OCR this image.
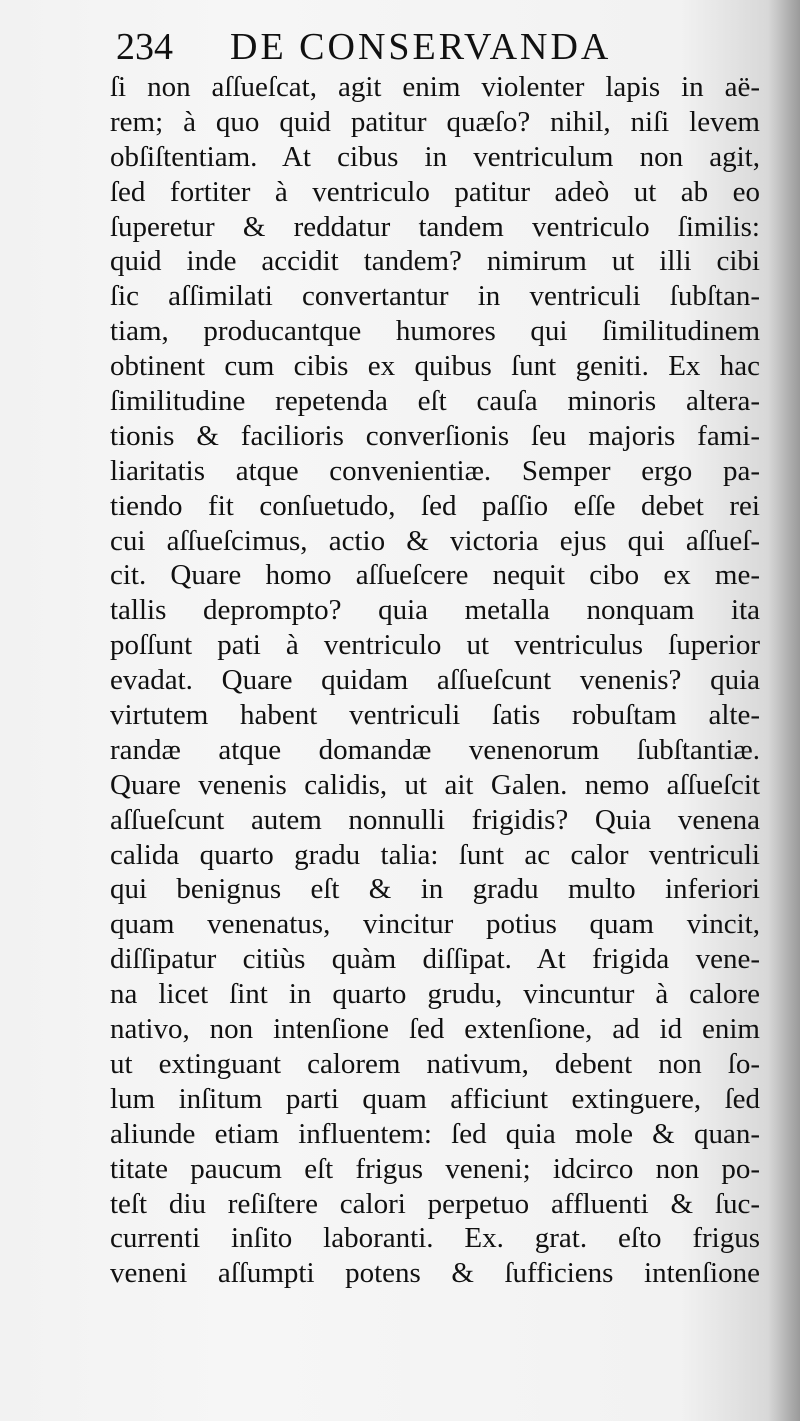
234 DE CONSERVANDA
ſi non aſſueſcat, agit enim violenter lapis in aë-
rem; à quo quid patitur quæſo? nihil, niſi levem
obſiſtentiam. At cibus in ventriculum non agit,
ſed fortiter à ventriculo patitur adeò ut ab eo
ſuperetur & reddatur tandem ventriculo ſimilis:
quid inde accidit tandem? nimirum ut illi cibi
ſic aſſimilati convertantur in ventriculi ſubſtan-
tiam, producantque humores qui ſimilitudinem
obtinent cum cibis ex quibus ſunt geniti. Ex hac
ſimilitudine repetenda eſt cauſa minoris altera-
tionis & facilioris converſionis ſeu majoris fami-
liaritatis atque convenientiæ. Semper ergo pa-
tiendo fit conſuetudo, ſed paſſio eſſe debet rei
cui aſſueſcimus, actio & victoria ejus qui aſſueſ-
cit. Quare homo aſſueſcere nequit cibo ex me-
tallis deprompto? quia metalla nonquam ita
poſſunt pati à ventriculo ut ventriculus ſuperior
evadat. Quare quidam aſſueſcunt venenis? quia
virtutem habent ventriculi ſatis robuſtam alte-
randæ atque domandæ venenorum ſubſtantiæ.
Quare venenis calidis, ut ait Galen. nemo aſſueſcit
aſſueſcunt autem nonnulli frigidis? Quia venena
calida quarto gradu talia: ſunt ac calor ventriculi
qui benignus eſt & in gradu multo inferiori
quam venenatus, vincitur potius quam vincit,
diſſipatur citiùs quàm diſſipat. At frigida vene-
na licet ſint in quarto grudu, vincuntur à calore
nativo, non intenſione ſed extenſione, ad id enim
ut extinguant calorem nativum, debent non ſo-
lum inſitum parti quam afficiunt extinguere, ſed
aliunde etiam influentem: ſed quia mole & quan-
titate paucum eſt frigus veneni; idcirco non po-
teſt diu reſiſtere calori perpetuo affluenti & ſuc-
currenti inſito laboranti. Ex. grat. eſto frigus
veneni aſſumpti potens & ſufficiens intenſione
